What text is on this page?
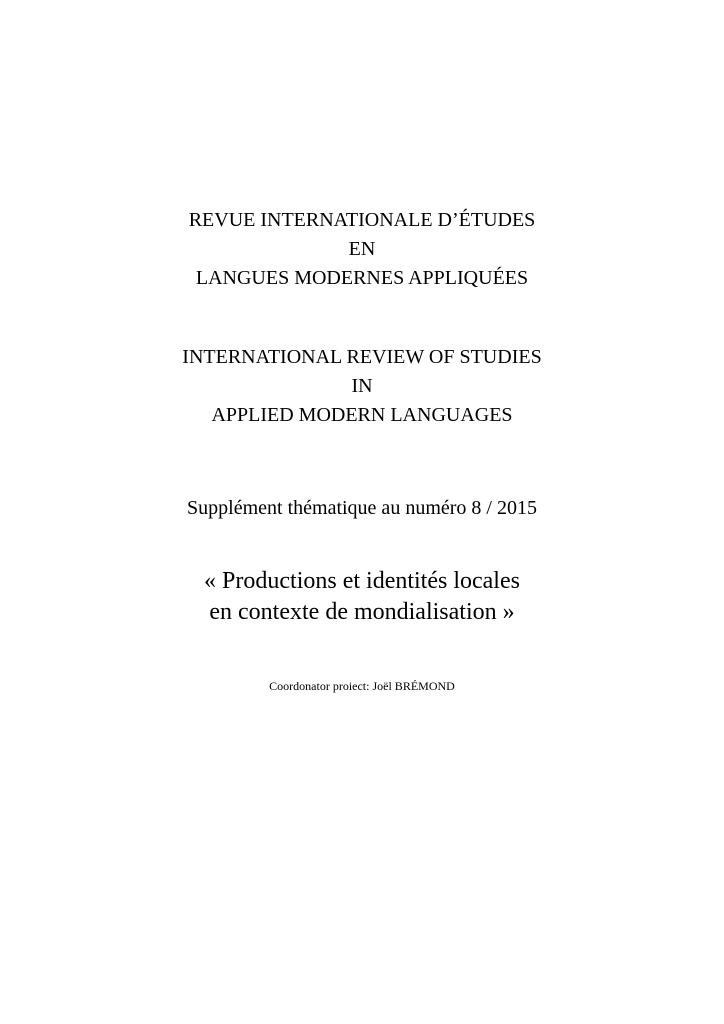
REVUE INTERNATIONALE D’ÉTUDES
EN
LANGUES MODERNES APPLIQUÉES
INTERNATIONAL REVIEW OF STUDIES
IN
APPLIED MODERN LANGUAGES
Supplément thématique au numéro 8 / 2015
« Productions et identités locales
en contexte de mondialisation »
Coordonator proiect: Joël BRÉMOND
